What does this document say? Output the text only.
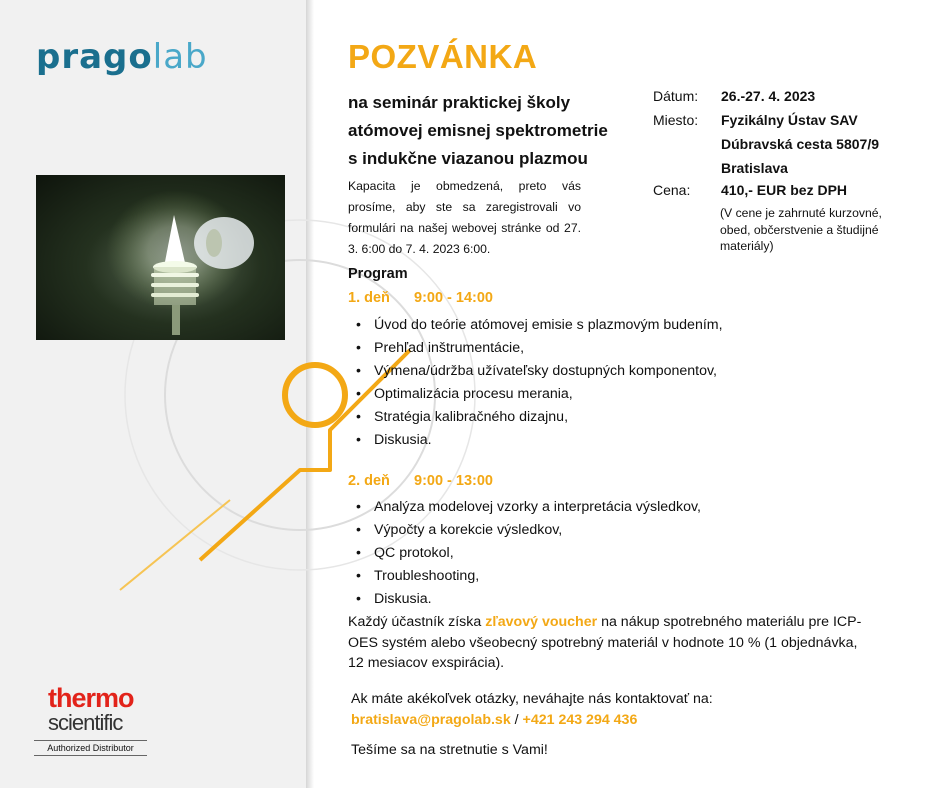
pragolab
thermo
scientific
Authorized Distributor
POZVÁNKA
na seminár praktickej školy
atómovej emisnej spektrometrie
s indukčne viazanou plazmou
Kapacita je obmedzená, preto vás prosíme, aby ste sa zaregistrovali vo formulári na našej webovej stránke od 27. 3. 6:00 do 7. 4. 2023 6:00.
Dátum: 26.-27. 4. 2023
Miesto: Fyzikálny Ústav SAV
Dúbravská cesta 5807/9
Bratislava
Cena: 410,- EUR bez DPH
(V cene je zahrnuté kurzovné, obed, občerstvenie a študijné materiály)
Program
1. deň 9:00 - 14:00
• Úvod do teórie atómovej emisie s plazmovým budením,
• Prehľad inštrumentácie,
• Výmena/údržba užívateľsky dostupných komponentov,
• Optimalizácia procesu merania,
• Stratégia kalibračného dizajnu,
• Diskusia.
2. deň 9:00 - 13:00
• Analýza modelovej vzorky a interpretácia výsledkov,
• Výpočty a korekcie výsledkov,
• QC protokol,
• Troubleshooting,
• Diskusia.
Každý účastník získa zľavový voucher na nákup spotrebného materiálu pre ICP-OES systém alebo všeobecný spotrebný materiál v hodnote 10 % (1 objednávka, 12 mesiacov exspirácia).
Ak máte akékoľvek otázky, neváhajte nás kontaktovať na:
bratislava@pragolab.sk / +421 243 294 436
Tešíme sa na stretnutie s Vami!
